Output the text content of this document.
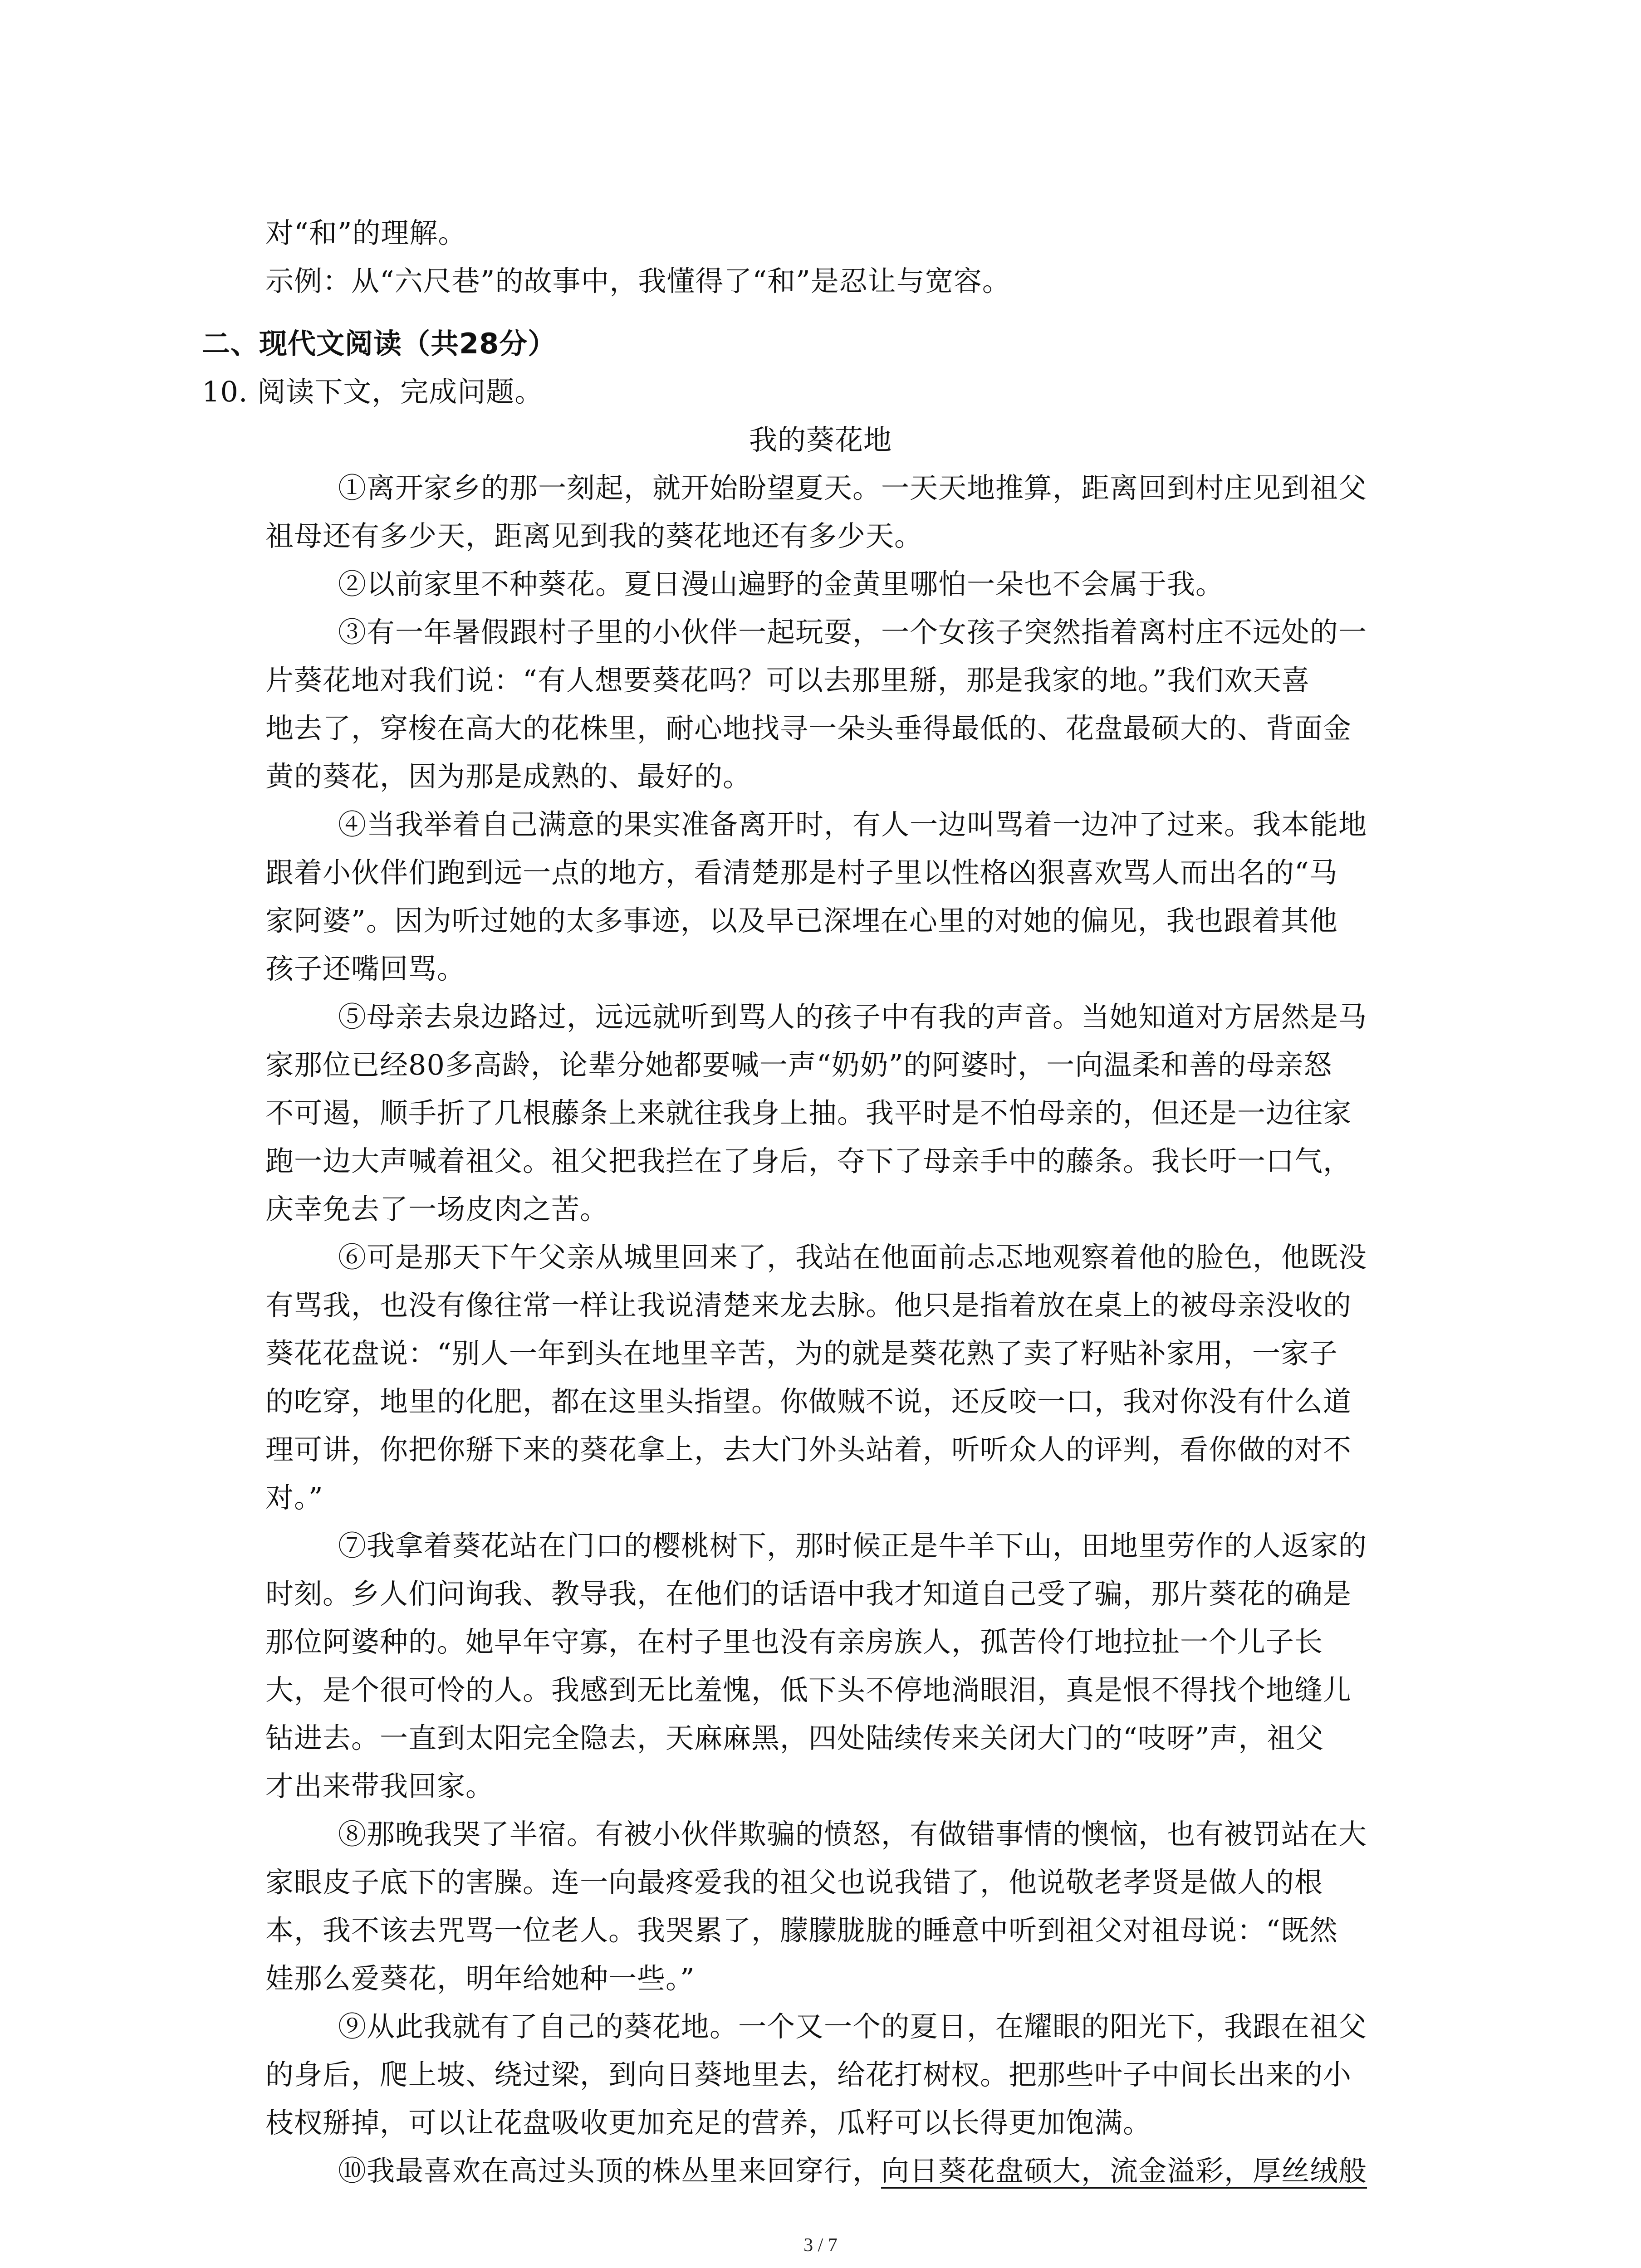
对“和”的理解。
示例：从“六尺巷”的故事中，我懂得了“和”是忍让与宽容。
二、现代文阅读（共28分）
10. 阅读下文，完成问题。
我的葵花地
①离开家乡的那一刻起，就开始盼望夏天。一天天地推算，距离回到村庄见到祖父
祖母还有多少天，距离见到我的葵花地还有多少天。
②以前家里不种葵花。夏日漫山遍野的金黄里哪怕一朵也不会属于我。
③有一年暑假跟村子里的小伙伴一起玩耍，一个女孩子突然指着离村庄不远处的一
片葵花地对我们说：“有人想要葵花吗？可以去那里掰，那是我家的地。”我们欢天喜
地去了，穿梭在高大的花株里，耐心地找寻一朵头垂得最低的、花盘最硕大的、背面金
黄的葵花，因为那是成熟的、最好的。
④当我举着自己满意的果实准备离开时，有人一边叫骂着一边冲了过来。我本能地
跟着小伙伴们跑到远一点的地方，看清楚那是村子里以性格凶狠喜欢骂人而出名的“马
家阿婆”。因为听过她的太多事迹，以及早已深埋在心里的对她的偏见，我也跟着其他
孩子还嘴回骂。
⑤母亲去泉边路过，远远就听到骂人的孩子中有我的声音。当她知道对方居然是马
家那位已经80多高龄，论辈分她都要喊一声“奶奶”的阿婆时，一向温柔和善的母亲怒
不可遏，顺手折了几根藤条上来就往我身上抽。我平时是不怕母亲的，但还是一边往家
跑一边大声喊着祖父。祖父把我拦在了身后，夺下了母亲手中的藤条。我长吁一口气，
庆幸免去了一场皮肉之苦。
⑥可是那天下午父亲从城里回来了，我站在他面前忐忑地观察着他的脸色，他既没
有骂我，也没有像往常一样让我说清楚来龙去脉。他只是指着放在桌上的被母亲没收的
葵花花盘说：“别人一年到头在地里辛苦，为的就是葵花熟了卖了籽贴补家用，一家子
的吃穿，地里的化肥，都在这里头指望。你做贼不说，还反咬一口，我对你没有什么道
理可讲，你把你掰下来的葵花拿上，去大门外头站着，听听众人的评判，看你做的对不
对。”
⑦我拿着葵花站在门口的樱桃树下，那时候正是牛羊下山，田地里劳作的人返家的
时刻。乡人们问询我、教导我，在他们的话语中我才知道自己受了骗，那片葵花的确是
那位阿婆种的。她早年守寡，在村子里也没有亲房族人，孤苦伶仃地拉扯一个儿子长
大，是个很可怜的人。我感到无比羞愧，低下头不停地淌眼泪，真是恨不得找个地缝儿
钻进去。一直到太阳完全隐去，天麻麻黑，四处陆续传来关闭大门的“吱呀”声，祖父
才出来带我回家。
⑧那晚我哭了半宿。有被小伙伴欺骗的愤怒，有做错事情的懊恼，也有被罚站在大
家眼皮子底下的害臊。连一向最疼爱我的祖父也说我错了，他说敬老孝贤是做人的根
本，我不该去咒骂一位老人。我哭累了，朦朦胧胧的睡意中听到祖父对祖母说：“既然
娃那么爱葵花，明年给她种一些。”
⑨从此我就有了自己的葵花地。一个又一个的夏日，在耀眼的阳光下，我跟在祖父
的身后，爬上坡、绕过梁，到向日葵地里去，给花打树杈。把那些叶子中间长出来的小
枝杈掰掉，可以让花盘吸收更加充足的营养，瓜籽可以长得更加饱满。
⑩我最喜欢在高过头顶的株丛里来回穿行，向日葵花盘硕大，流金溢彩，厚丝绒般
3 / 7
